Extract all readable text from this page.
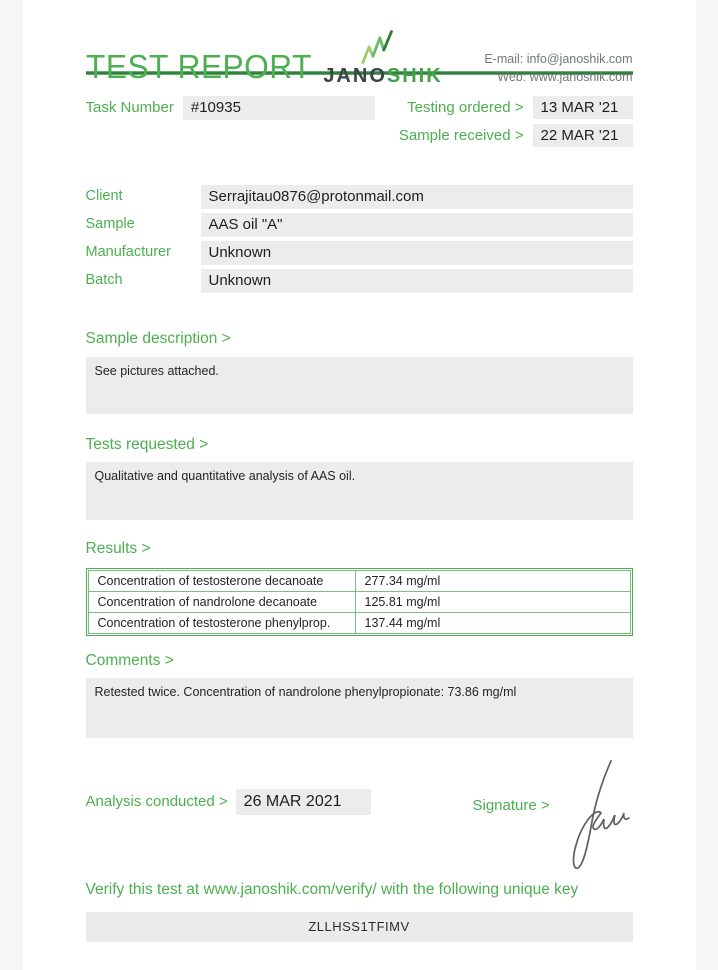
TEST REPORT JANOSHIK
E-mail: info@janoshik.com
Web: www.janoshik.com
Task Number	#10935	Testing ordered >	13 MAR '21
Sample received >	22 MAR '21
Client	Serrajitau0876@protonmail.com
Sample	AAS oil "A"
Manufacturer	Unknown
Batch	Unknown
Sample description >
See pictures attached.
Tests requested >
Qualitative and quantitative analysis of AAS oil.
Results >
Concentration of testosterone decanoate	277.34 mg/ml
Concentration of nandrolone decanoate	125.81 mg/ml
Concentration of testosterone phenylprop.	137.44 mg/ml
Comments >
Retested twice. Concentration of nandrolone phenylpropionate: 73.86 mg/ml
Analysis conducted >	26 MAR 2021	Signature >
Verify this test at www.janoshik.com/verify/ with the following unique key
ZLLHSS1TFIMV
